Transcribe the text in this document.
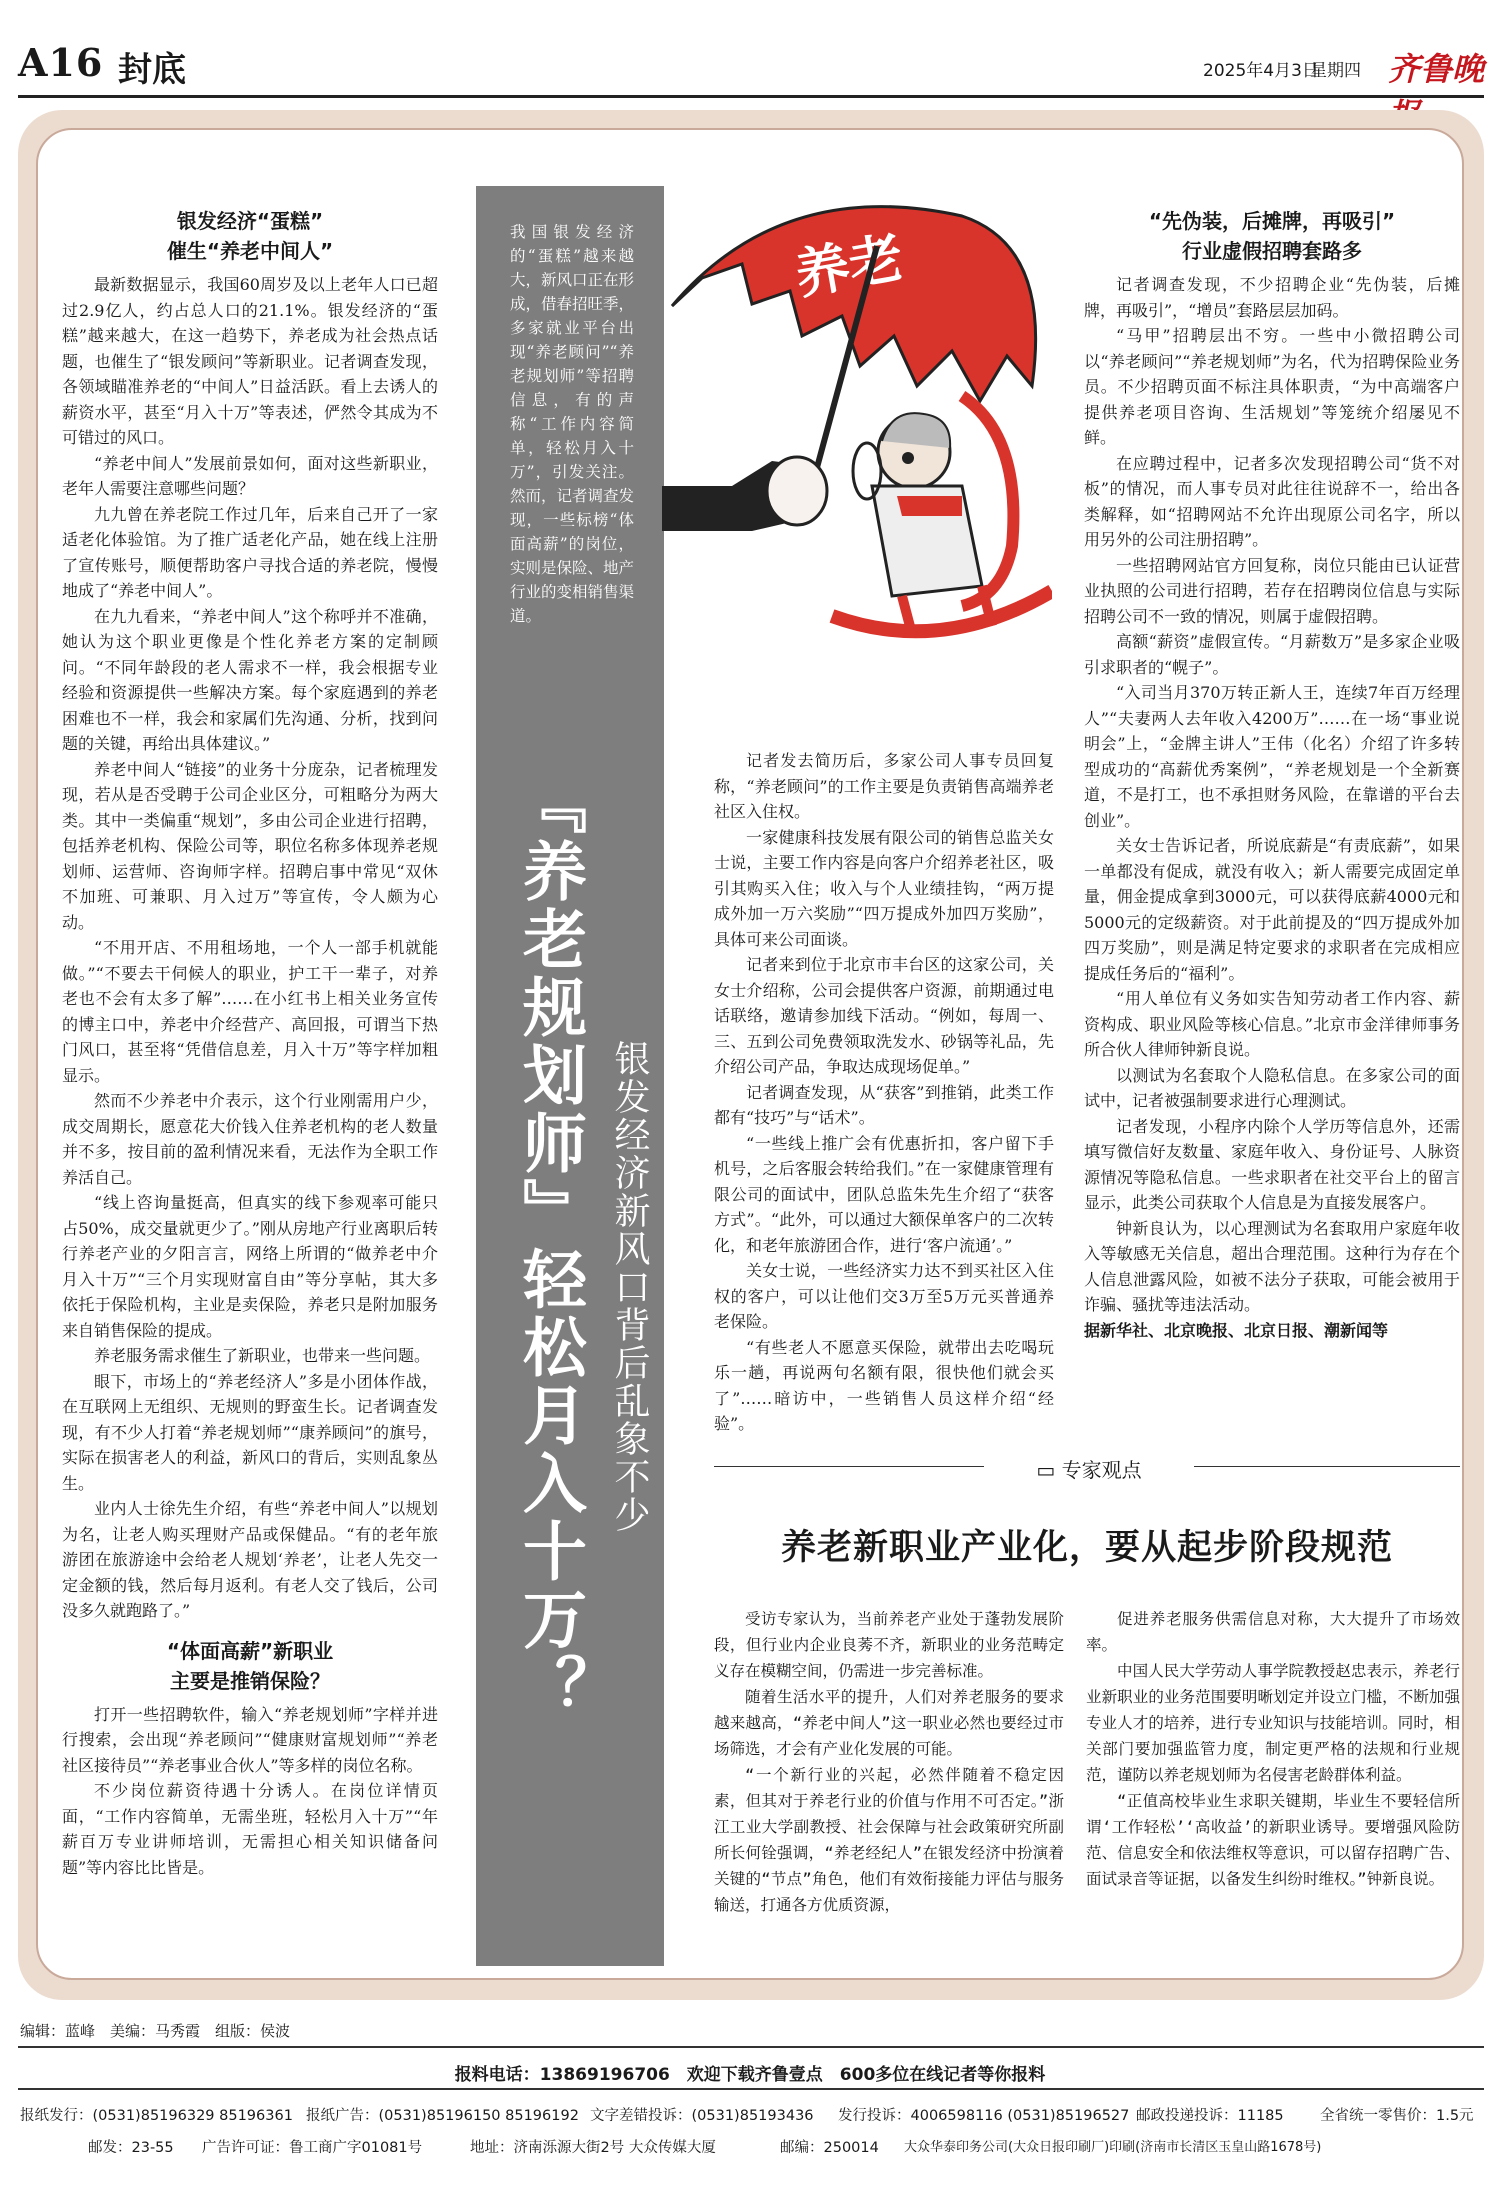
A16 封底	2025年4月3日
星期四 齐鲁晚
银发经济“蛋糕”
催生“养老中间人”

最新数据显示，我国60周岁及以上老年人口已超过2.9亿人，约占总人口的21.1%。银发经济的“蛋糕”越来越大，在这一趋势下，养老成为社会热点话题，也催生了“银发顾问”等新职业。记者调查发现，各领域瞄准养老的“中间人”日益活跃。看上去诱人的薪资水平，甚至“月入十万”等表述，俨然令其成为不可错过的风口。

“养老中间人”发展前景如何，面对这些新职业，老年人需要注意哪些问题？

九九曾在养老院工作过几年，后来自己开了一家适老化体验馆。为了推广适老化产品，她在线上注册了宣传账号，顺便帮助客户寻找合适的养老院，慢慢地成了“养老中间人”。

在九九看来，“养老中间人”这个称呼并不准确，她认为这个职业更像是个性化养老方案的定制顾问。“不同年龄段的老人需求不一样，我会根据专业经验和资源提供一些解决方案。每个家庭遇到的养老困难也不一样，我会和家属们先沟通、分析，找到问题的关键，再给出具体建议。”

养老中间人“链接”的业务十分庞杂，记者梳理发现，若从是否受聘于公司企业区分，可粗略分为两大类。其中一类偏重“规划”，多由公司企业进行招聘，包括养老机构、保险公司等，职位名称多体现养老规划师、运营师、咨询师字样。招聘启事中常见“双休不加班、可兼职、月入过万”等宣传，令人颇为心动。

“不用开店、不用租场地，一个人一部手机就能做。”“不要去干伺候人的职业，护工干一辈子，对养老也不会有太多了解”……在小红书上相关业务宣传的博主口中，养老中介经营产、高回报，可谓当下热门风口，甚至将“凭借信息差，月入十万”等字样加粗显示。

然而不少养老中介表示，这个行业刚需用户少，成交周期长，愿意花大价钱入住养老机构的老人数量并不多，按目前的盈利情况来看，无法作为全职工作养活自己。

“线上咨询量挺高，但真实的线下参观率可能只占50%，成交量就更少了。”刚从房地产行业离职后转行养老产业的夕阳言言，网络上所谓的“做养老中介月入十万”“三个月实现财富自由”等分享帖，其大多依托于保险机构，主业是卖保险，养老只是附加服务来自销售保险的提成。

养老服务需求催生了新职业，也带来一些问题。

眼下，市场上的“养老经济人”多是小团体作战，在互联网上无组织、无规则的野蛮生长。记者调查发现，有不少人打着“养老规划师”“康养顾问”的旗号，实际在损害老人的利益，新风口的背后，实则乱象丛生。

业内人士徐先生介绍，有些“养老中间人”以规划为名，让老人购买理财产品或保健品。“有的老年旅游团在旅游途中会给老人规划‘养老’，让老人先交一定金额的钱，然后每月返利。有老人交了钱后，公司没多久就跑路了。”

“体面高薪”新职业
主要是推销保险？

打开一些招聘软件，输入“养老规划师”字样并进行搜索，会出现“养老顾问”“健康财富规划师”“养老社区接待员”“养老事业合伙人”等多样的岗位名称。

不少岗位薪资待遇十分诱人。在岗位详情页面，“工作内容简单，无需坐班，轻松月入十万”“年薪百万专业讲师培训，无需担心相关知识储备问题”等内容比比皆是。

我国银发经济的“蛋糕”越来越大，新风口正在形成，借春招旺季，多家就业平台出现“养老顾问”“养老规划师”等招聘信息，有的声称“工作内容简单，轻松月入十万”，引发关注。然而，记者调查发现，一些标榜“体面高薪”的岗位，实则是保险、地产行业的变相销售渠道。
『养老规划师』轻松月入十万？ 银发经济新风口背后乱象不少
养老

记者发去简历后，多家公司人事专员回复称，“养老顾问”的工作主要是负责销售高端养老社区入住权。

一家健康科技发展有限公司的销售总监关女士说，主要工作内容是向客户介绍养老社区，吸引其购买入住；收入与个人业绩挂钩，“两万提成外加一万六奖励”“四万提成外加四万奖励”，具体可来公司面谈。

记者来到位于北京市丰台区的这家公司，关女士介绍称，公司会提供客户资源，前期通过电话联络，邀请参加线下活动。“例如，每周一、三、五到公司免费领取洗发水、砂锅等礼品，先介绍公司产品，争取达成现场促单。”

记者调查发现，从“获客”到推销，此类工作都有“技巧”与“话术”。

“一些线上推广会有优惠折扣，客户留下手机号，之后客服会转给我们。”在一家健康管理有限公司的面试中，团队总监朱先生介绍了“获客方式”。“此外，可以通过大额保单客户的二次转化，和老年旅游团合作，进行‘客户流通’。”

关女士说，一些经济实力达不到买社区入住权的客户，可以让他们交3万至5万元买普通养老保险。

“有些老人不愿意买保险，就带出去吃喝玩乐一趟，再说两句名额有限，很快他们就会买了”……暗访中，一些销售人员这样介绍“经验”。

“先伪装，后摊牌，再吸引”
行业虚假招聘套路多

记者调查发现，不少招聘企业“先伪装，后摊牌，再吸引”，“增员”套路层层加码。

“马甲”招聘层出不穷。一些中小微招聘公司以“养老顾问”“养老规划师”为名，代为招聘保险业务员。不少招聘页面不标注具体职责，“为中高端客户提供养老项目咨询、生活规划”等笼统介绍屡见不鲜。

在应聘过程中，记者多次发现招聘公司“货不对板”的情况，而人事专员对此往往说辞不一，给出各类解释，如“招聘网站不允许出现原公司名字，所以用另外的公司注册招聘”。

一些招聘网站官方回复称，岗位只能由已认证营业执照的公司进行招聘，若存在招聘岗位信息与实际招聘公司不一致的情况，则属于虚假招聘。

高额“薪资”虚假宣传。“月薪数万”是多家企业吸引求职者的“幌子”。

“入司当月370万转正新人王，连续7年百万经理人”“夫妻两人去年收入4200万”……在一场“事业说明会”上，“金牌主讲人”王伟（化名）介绍了许多转型成功的“高薪优秀案例”，“养老规划是一个全新赛道，不是打工，也不承担财务风险，在靠谱的平台去创业”。

关女士告诉记者，所说底薪是“有责底薪”，如果一单都没有促成，就没有收入；新人需要完成固定单量，佣金提成拿到3000元，可以获得底薪4000元和5000元的定级薪资。对于此前提及的“四万提成外加四万奖励”，则是满足特定要求的求职者在完成相应提成任务后的“福利”。

“用人单位有义务如实告知劳动者工作内容、薪资构成、职业风险等核心信息。”北京市金洋律师事务所合伙人律师钟新良说。

以测试为名套取个人隐私信息。在多家公司的面试中，记者被强制要求进行心理测试。

记者发现，小程序内除个人学历等信息外，还需填写微信好友数量、家庭年收入、身份证号、人脉资源情况等隐私信息。一些求职者在社交平台上的留言显示，此类公司获取个人信息是为直接发展客户。

钟新良认为，以心理测试为名套取用户家庭年收入等敏感无关信息，超出合理范围。这种行为存在个人信息泄露风险，如被不法分子获取，可能会被用于诈骗、骚扰等违法活动。

据新华社、北京晚报、北京日报、潮新闻等

▭ 专家观点
养老新职业产业化，要从起步阶段规范

受访专家认为，当前养老产业处于蓬勃发展阶段，但行业内企业良莠不齐，新职业的业务范畴定义存在模糊空间，仍需进一步完善标准。

随着生活水平的提升，人们对养老服务的要求越来越高，“养老中间人”这一职业必然也要经过市场筛选，才会有产业化发展的可能。

“一个新行业的兴起，必然伴随着不稳定因素，但其对于养老行业的价值与作用不可否定。”浙江工业大学副教授、社会保障与社会政策研究所副所长何铨强调，“养老经纪人”在银发经济中扮演着关键的“节点”角色，他们有效衔接能力评估与服务输送，打通各方优质资源，

促进养老服务供需信息对称，大大提升了市场效率。

中国人民大学劳动人事学院教授赵忠表示，养老行业新职业的业务范围要明晰划定并设立门槛，不断加强专业人才的培养，进行专业知识与技能培训。同时，相关部门要加强监管力度，制定更严格的法规和行业规范，谨防以养老规划师为名侵害老龄群体利益。

“正值高校毕业生求职关键期，毕业生不要轻信所谓‘工作轻松’‘高收益’的新职业诱导。要增强风险防范、信息安全和依法维权等意识，可以留存招聘广告、面试录音等证据，以备发生纠纷时维权。”钟新良说。

编辑：蓝峰　美编：马秀霞　组版：侯波
报料电话：13869196706　欢迎下载齐鲁壹点　600多位在线记者等你报料
报纸发行：(0531)85196329 85196361 报纸广告：(0531)85196150 85196192 文字差错投诉：(0531)85193436 发行投诉：4006598116 (0531)85196527 邮政投递投诉：11185	全省统一零售价：1.5元
邮发：23-55 广告许可证：鲁工商广字01081号	地址：济南泺源大街2号 大众传媒大厦	邮编：250014 大众华泰印务公司(大众日报印刷厂)印刷(济南市长清区玉皇山路1678号)
